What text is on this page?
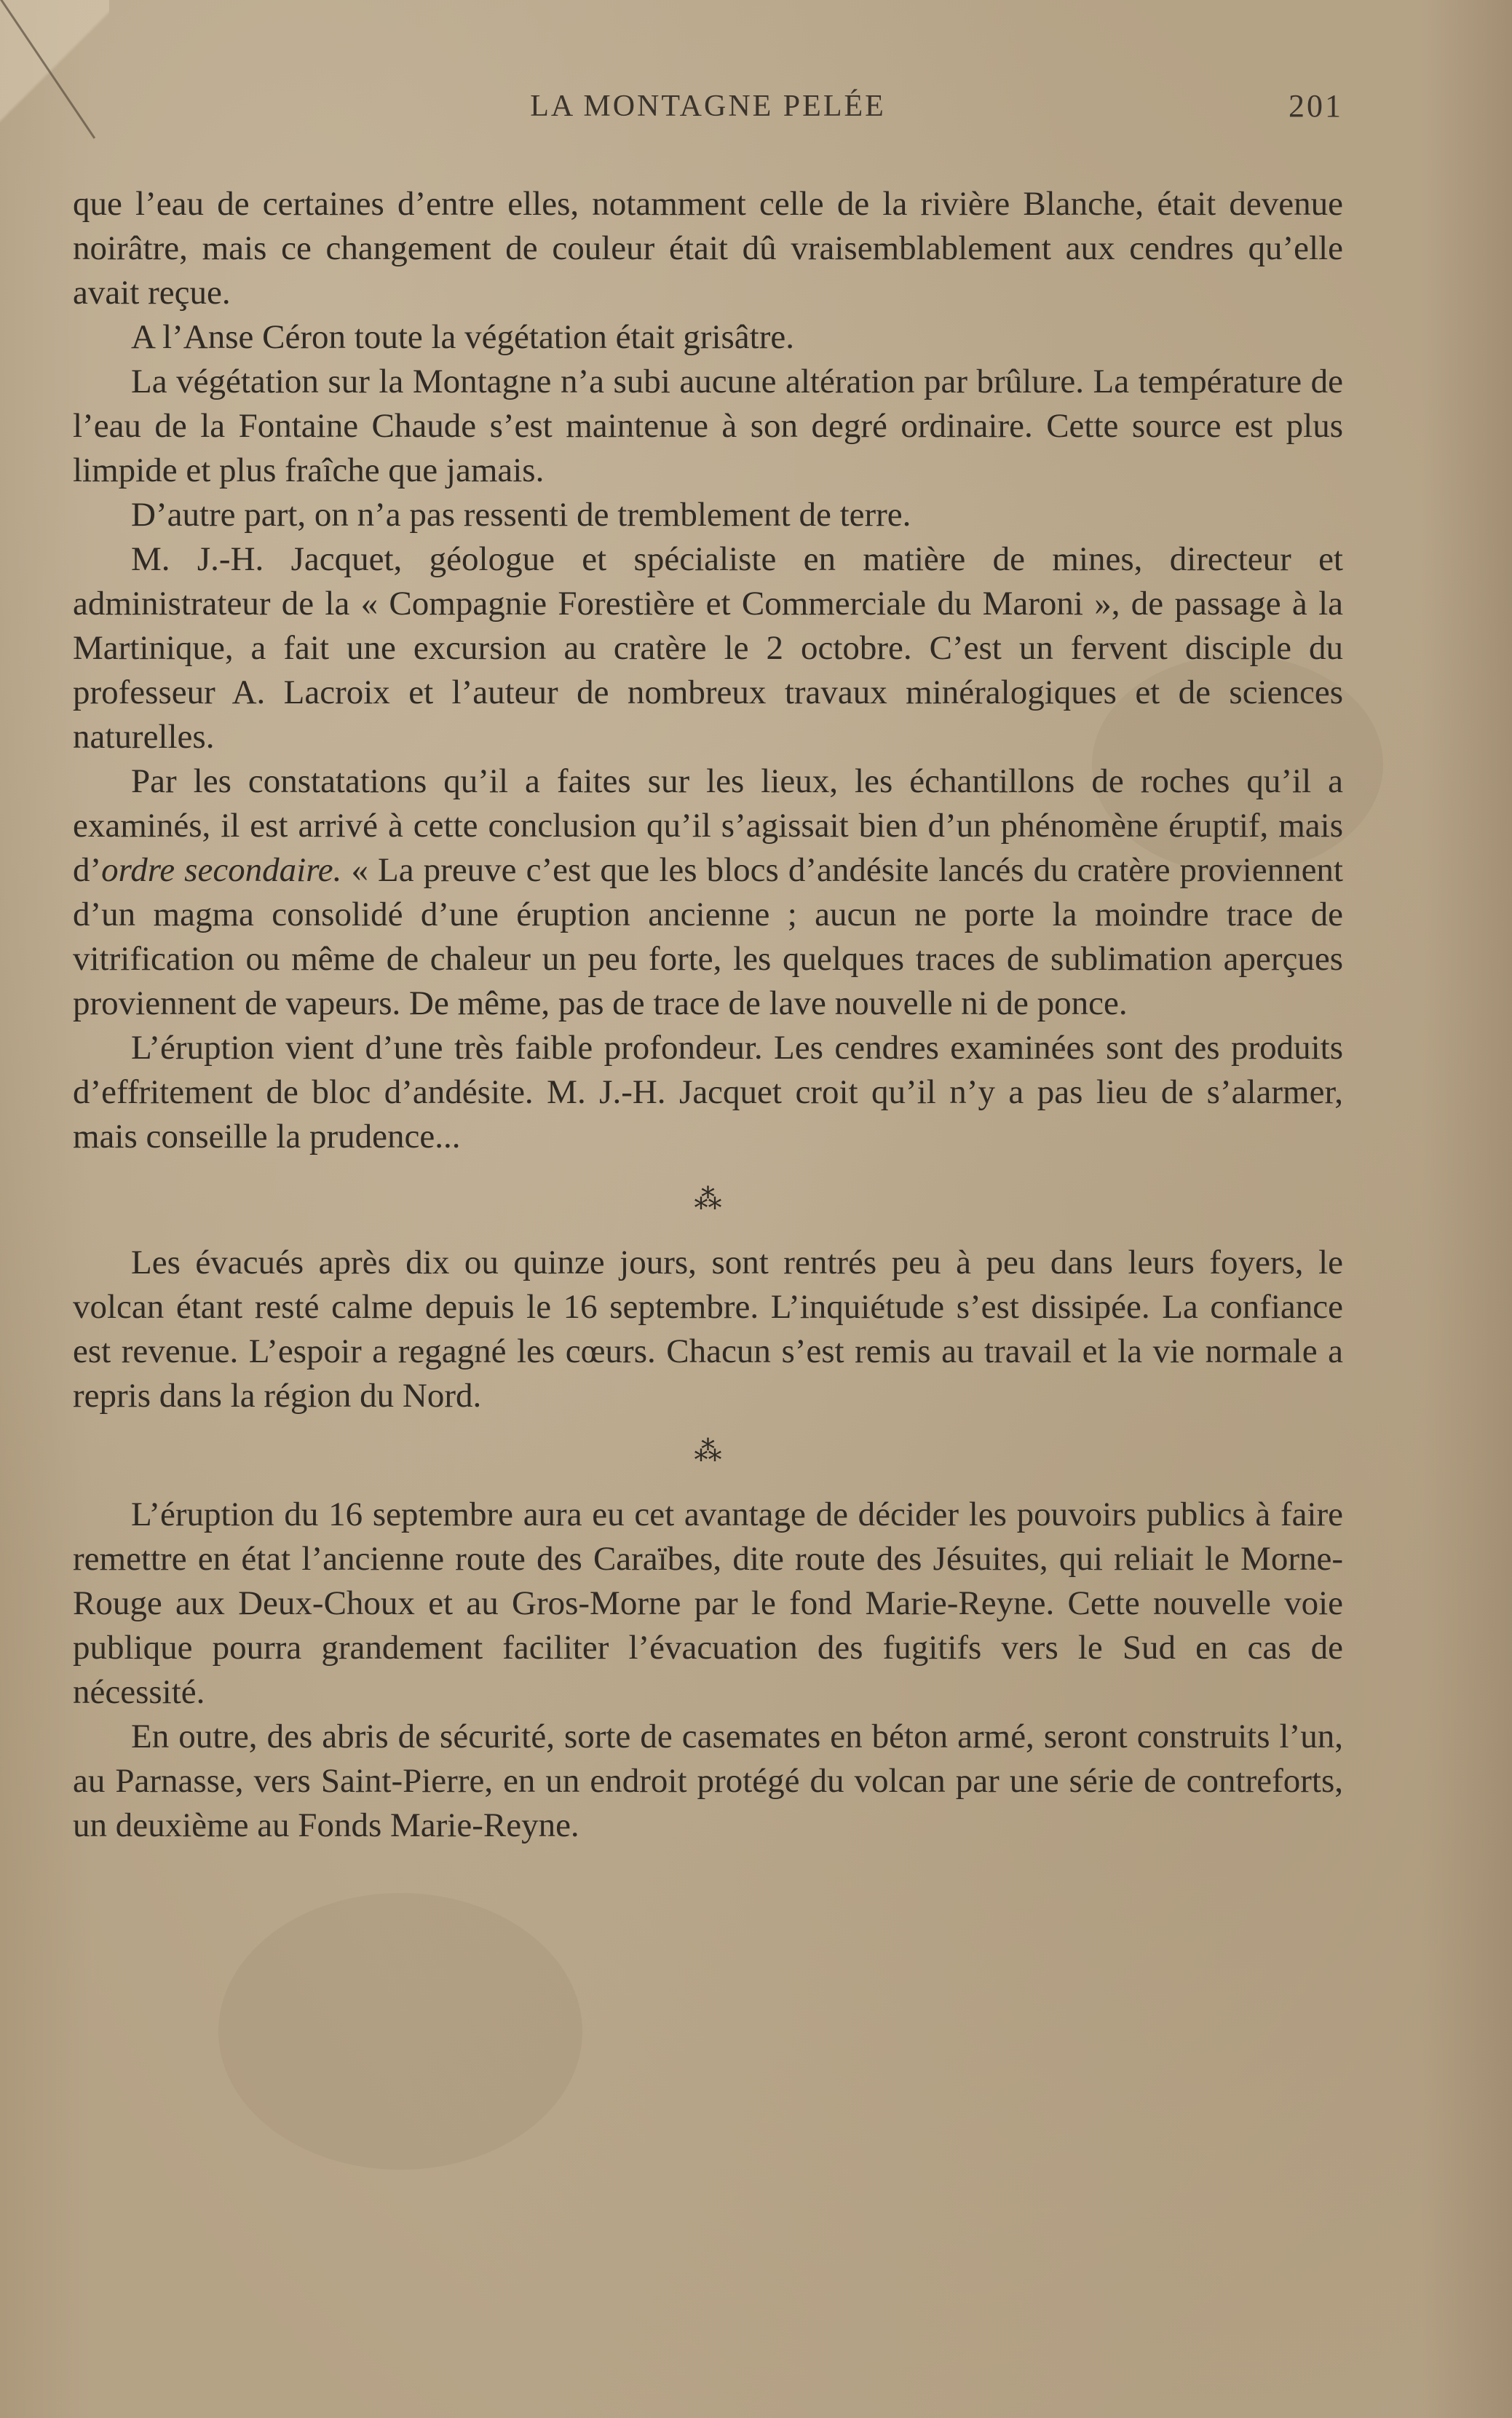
LA MONTAGNE PELÉE	201

que l’eau de certaines d’entre elles, notamment celle de la rivière Blanche, était devenue noirâtre, mais ce changement de couleur était dû vraisemblablement aux cendres qu’elle avait reçue.

A l’Anse Céron toute la végétation était grisâtre.

La végétation sur la Montagne n’a subi aucune altération par brûlure. La température de l’eau de la Fontaine Chaude s’est maintenue à son degré ordinaire. Cette source est plus limpide et plus fraîche que jamais.

D’autre part, on n’a pas ressenti de tremblement de terre.

M. J.-H. Jacquet, géologue et spécialiste en matière de mines, directeur et administrateur de la « Compagnie Forestière et Commerciale du Maroni », de passage à la Martinique, a fait une excursion au cratère le 2 octobre. C’est un fervent disciple du professeur A. Lacroix et l’auteur de nombreux travaux minéralogiques et de sciences naturelles.

Par les constatations qu’il a faites sur les lieux, les échantillons de roches qu’il a examinés, il est arrivé à cette conclusion qu’il s’agissait bien d’un phénomène éruptif, mais d’ordre secondaire. « La preuve c’est que les blocs d’andésite lancés du cratère proviennent d’un magma consolidé d’une éruption ancienne ; aucun ne porte la moindre trace de vitrification ou même de chaleur un peu forte, les quelques traces de sublimation aperçues proviennent de vapeurs. De même, pas de trace de lave nouvelle ni de ponce.

L’éruption vient d’une très faible profondeur. Les cendres examinées sont des produits d’effritement de bloc d’andésite. M. J.-H. Jacquet croit qu’il n’y a pas lieu de s’alarmer, mais conseille la prudence...

⁂

Les évacués après dix ou quinze jours, sont rentrés peu à peu dans leurs foyers, le volcan étant resté calme depuis le 16 septembre. L’inquiétude s’est dissipée. La confiance est revenue. L’espoir a regagné les cœurs. Chacun s’est remis au travail et la vie normale a repris dans la région du Nord.

⁂

L’éruption du 16 septembre aura eu cet avantage de décider les pouvoirs publics à faire remettre en état l’ancienne route des Caraïbes, dite route des Jésuites, qui reliait le Morne-Rouge aux Deux-Choux et au Gros-Morne par le fond Marie-Reyne. Cette nouvelle voie publique pourra grandement faciliter l’évacuation des fugitifs vers le Sud en cas de nécessité.

En outre, des abris de sécurité, sorte de casemates en béton armé, seront construits l’un, au Parnasse, vers Saint-Pierre, en un endroit protégé du volcan par une série de contreforts, un deuxième au Fonds Marie-Reyne.
